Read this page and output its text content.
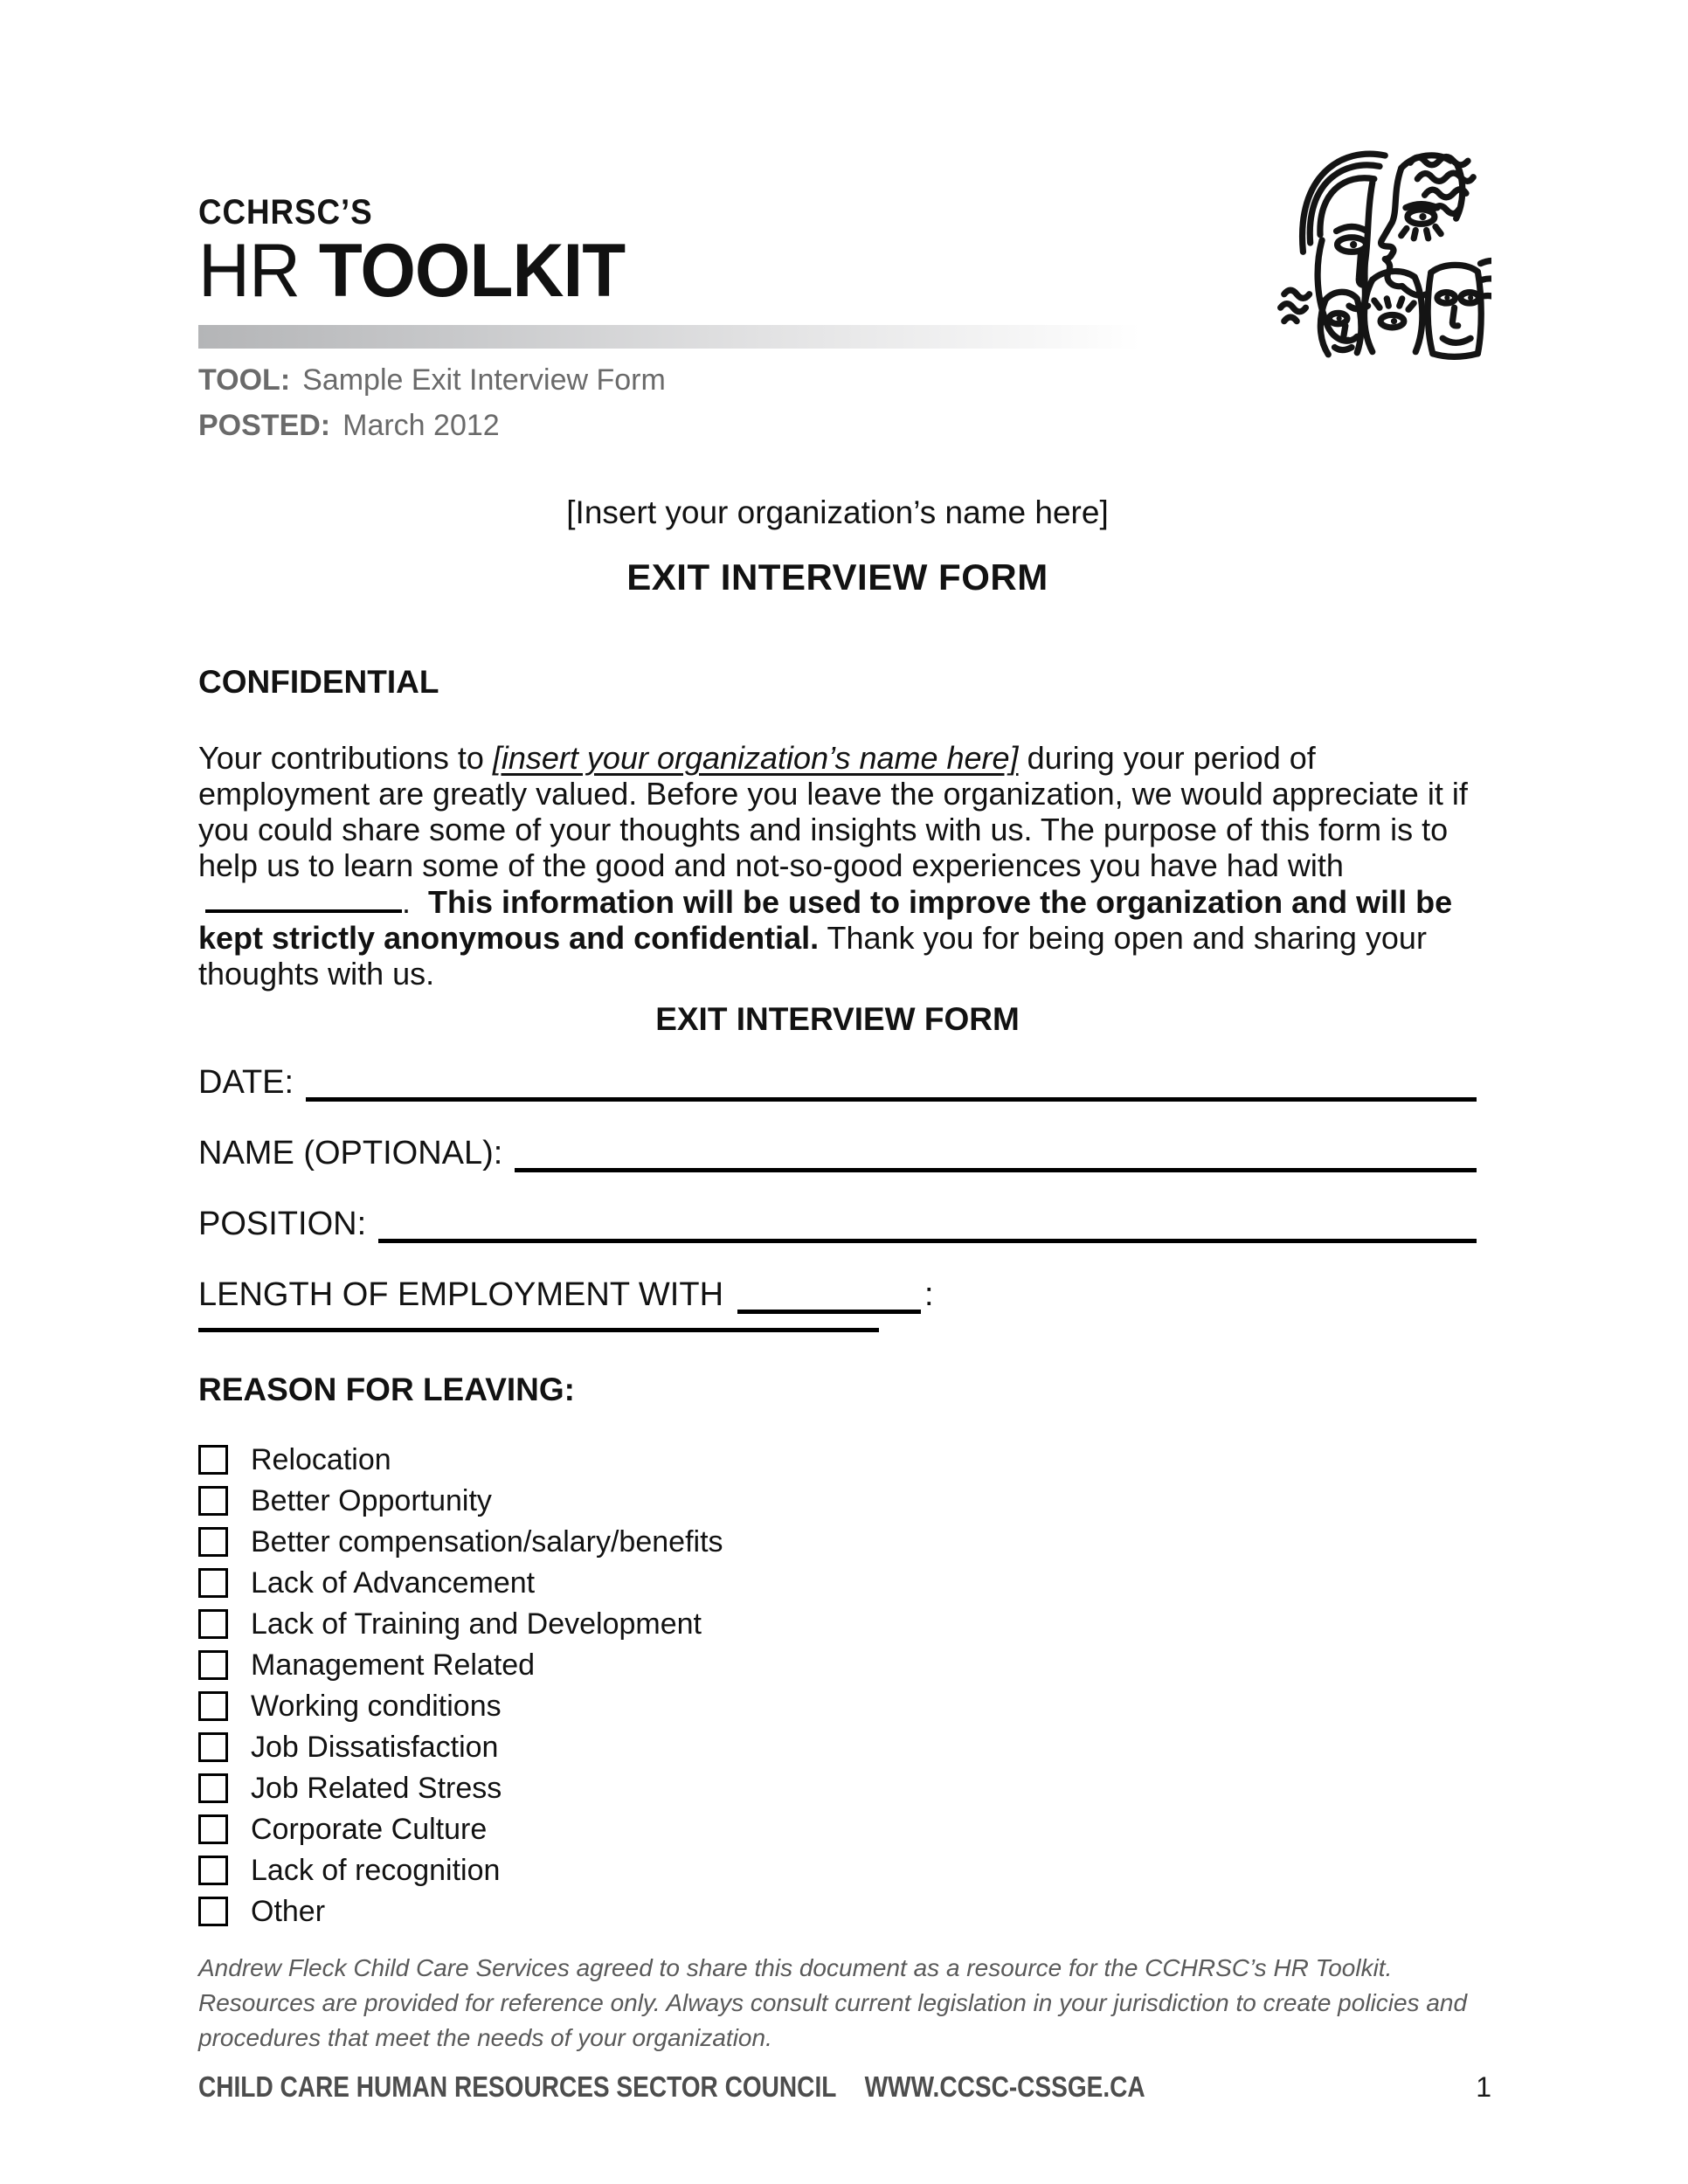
CCHRSC’S
HR TOOLKIT
TOOL: Sample Exit Interview Form
POSTED: March 2012
[Insert your organization’s name here]
EXIT INTERVIEW FORM
CONFIDENTIAL
Your contributions to [insert your organization’s name here] during your period of employment are greatly valued. Before you leave the organization, we would appreciate it if you could share some of your thoughts and insights with us. The purpose of this form is to help us to learn some of the good and not-so-good experiences you have had with.  This information will be used to improve the organization and will be kept strictly anonymous and confidential. Thank you for being open and sharing your thoughts with us.
EXIT INTERVIEW FORM
DATE:
NAME (OPTIONAL):
POSITION:
LENGTH OF EMPLOYMENT WITH	:
REASON FOR LEAVING:
Relocation
Better Opportunity
Better compensation/salary/benefits
Lack of Advancement
Lack of Training and Development
Management Related
Working conditions
Job Dissatisfaction
Job Related Stress
Corporate Culture
Lack of recognition
Other
Andrew Fleck Child Care Services agreed to share this document as a resource for the CCHRSC’s HR Toolkit. Resources are provided for reference only. Always consult current legislation in your jurisdiction to create policies and procedures that meet the needs of your organization.
CHILD CARE HUMAN RESOURCES SECTOR COUNCIL WWW.CCSC-CSSGE.CA	1
